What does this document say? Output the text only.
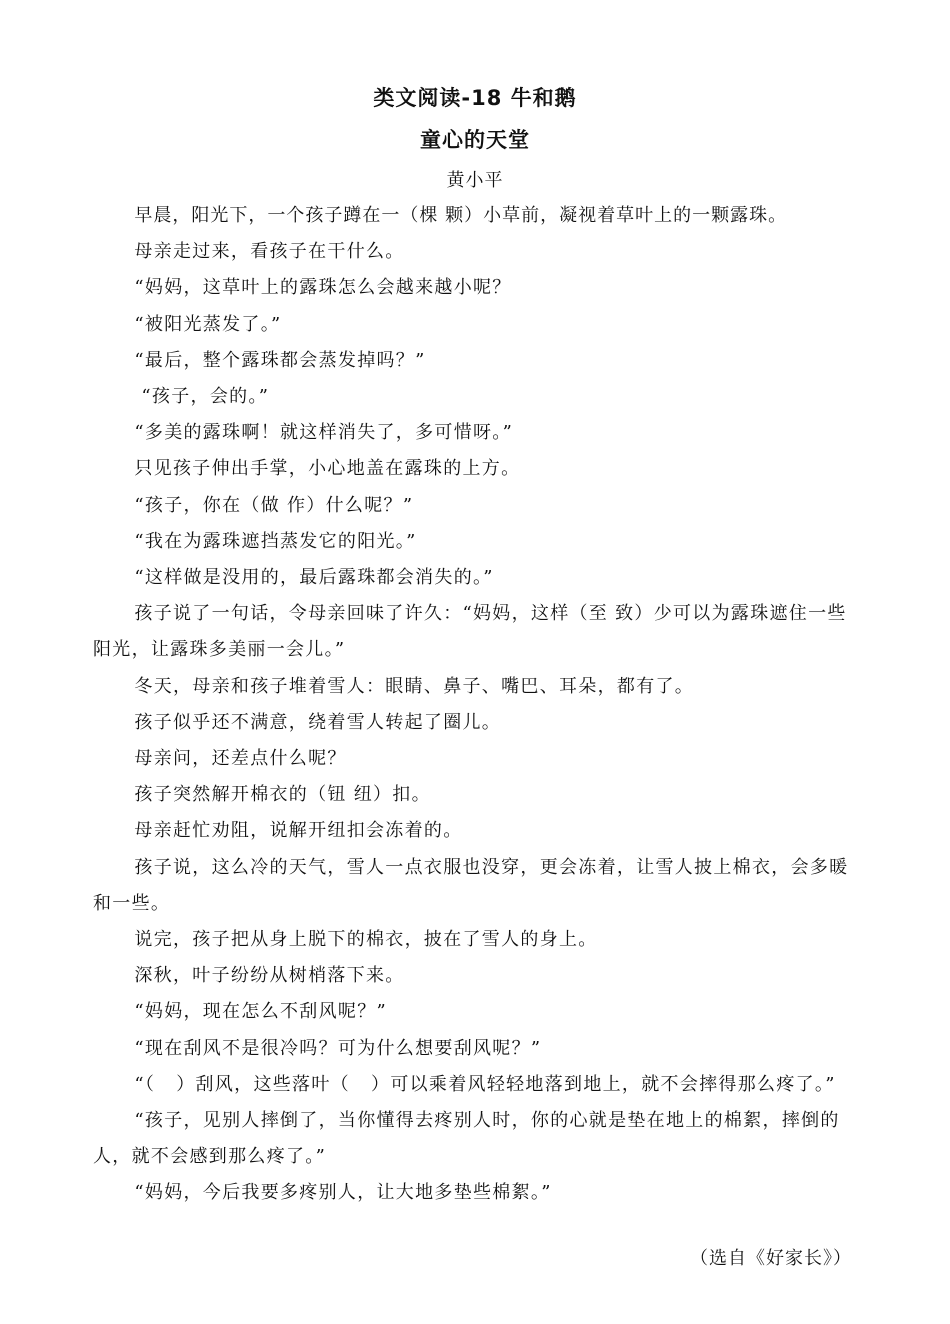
类文阅读-18 牛和鹅
童心的天堂
黄小平

早晨，阳光下，一个孩子蹲在一（棵 颗）小草前，凝视着草叶上的一颗露珠。

母亲走过来，看孩子在干什么。

“妈妈，这草叶上的露珠怎么会越来越小呢？

“被阳光蒸发了。”

“最后，整个露珠都会蒸发掉吗？”

“孩子，会的。”

“多美的露珠啊！就这样消失了，多可惜呀。”

只见孩子伸出手掌，小心地盖在露珠的上方。

“孩子，你在（做 作）什么呢？”

“我在为露珠遮挡蒸发它的阳光。”

“这样做是没用的，最后露珠都会消失的。”

孩子说了一句话，令母亲回味了许久：“妈妈，这样（至 致）少可以为露珠遮住一些阳光，让露珠多美丽一会儿。”

冬天，母亲和孩子堆着雪人：眼睛、鼻子、嘴巴、耳朵，都有了。

孩子似乎还不满意，绕着雪人转起了圈儿。

母亲问，还差点什么呢？

孩子突然解开棉衣的（钮 纽）扣。

母亲赶忙劝阻，说解开纽扣会冻着的。

孩子说，这么冷的天气，雪人一点衣服也没穿，更会冻着，让雪人披上棉衣，会多暖和一些。

说完，孩子把从身上脱下的棉衣，披在了雪人的身上。

深秋，叶子纷纷从树梢落下来。

“妈妈，现在怎么不刮风呢？”

“现在刮风不是很冷吗？可为什么想要刮风呢？”

“（   ）刮风，这些落叶（   ）可以乘着风轻轻地落到地上，就不会摔得那么疼了。”

“孩子，见别人摔倒了，当你懂得去疼别人时，你的心就是垫在地上的棉絮，摔倒的人，就不会感到那么疼了。”

“妈妈，今后我要多疼别人，让大地多垫些棉絮。”

（选自《好家长》）
